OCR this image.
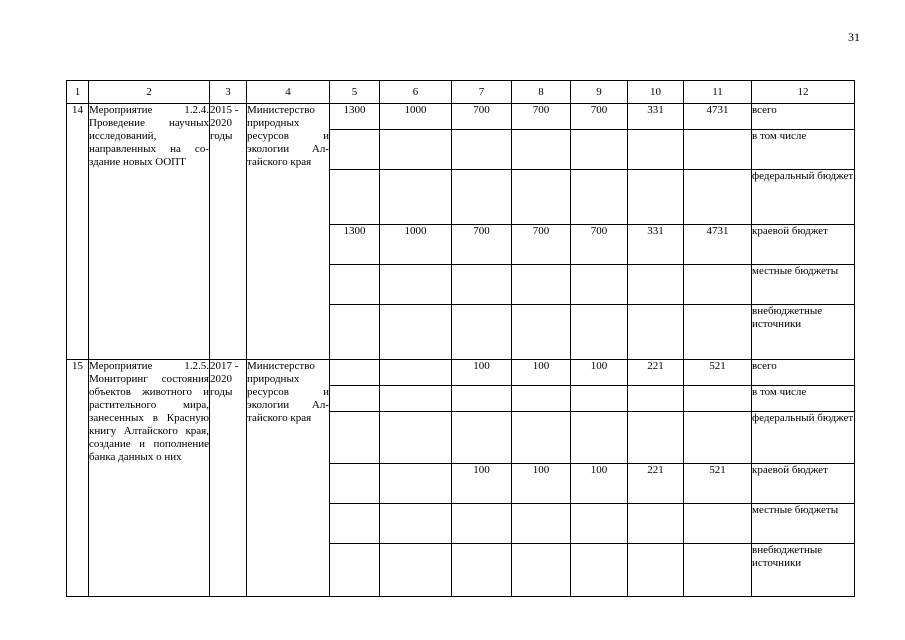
31
1	2	3	4	5	6	7	8	9	10	11	12
14	Мероприятие 1.2.4. Проведение научных исследований, направленных на создание новых ООПТ	2015 - 2020 годы	Министерство природных ресурсов и экологии Алтайского края	1300	1000	700	700	700	331	4731	всего
											в том числе
											федеральный бюджет
				1300	1000	700	700	700	331	4731	краевой бюджет
											местные бюджеты
											внебюджетные источники
15	Мероприятие 1.2.5. Мониторинг состояния объектов животного и растительного мира, занесенных в Красную книгу Алтайского края, создание и пополнение банка данных о них	2017 - 2020 годы	Министерство природных ресурсов и экологии Алтайского края			100	100	100	221	521	всего
											в том числе
											федеральный бюджет
						100	100	100	221	521	краевой бюджет
											местные бюджеты
											внебюджетные источники
